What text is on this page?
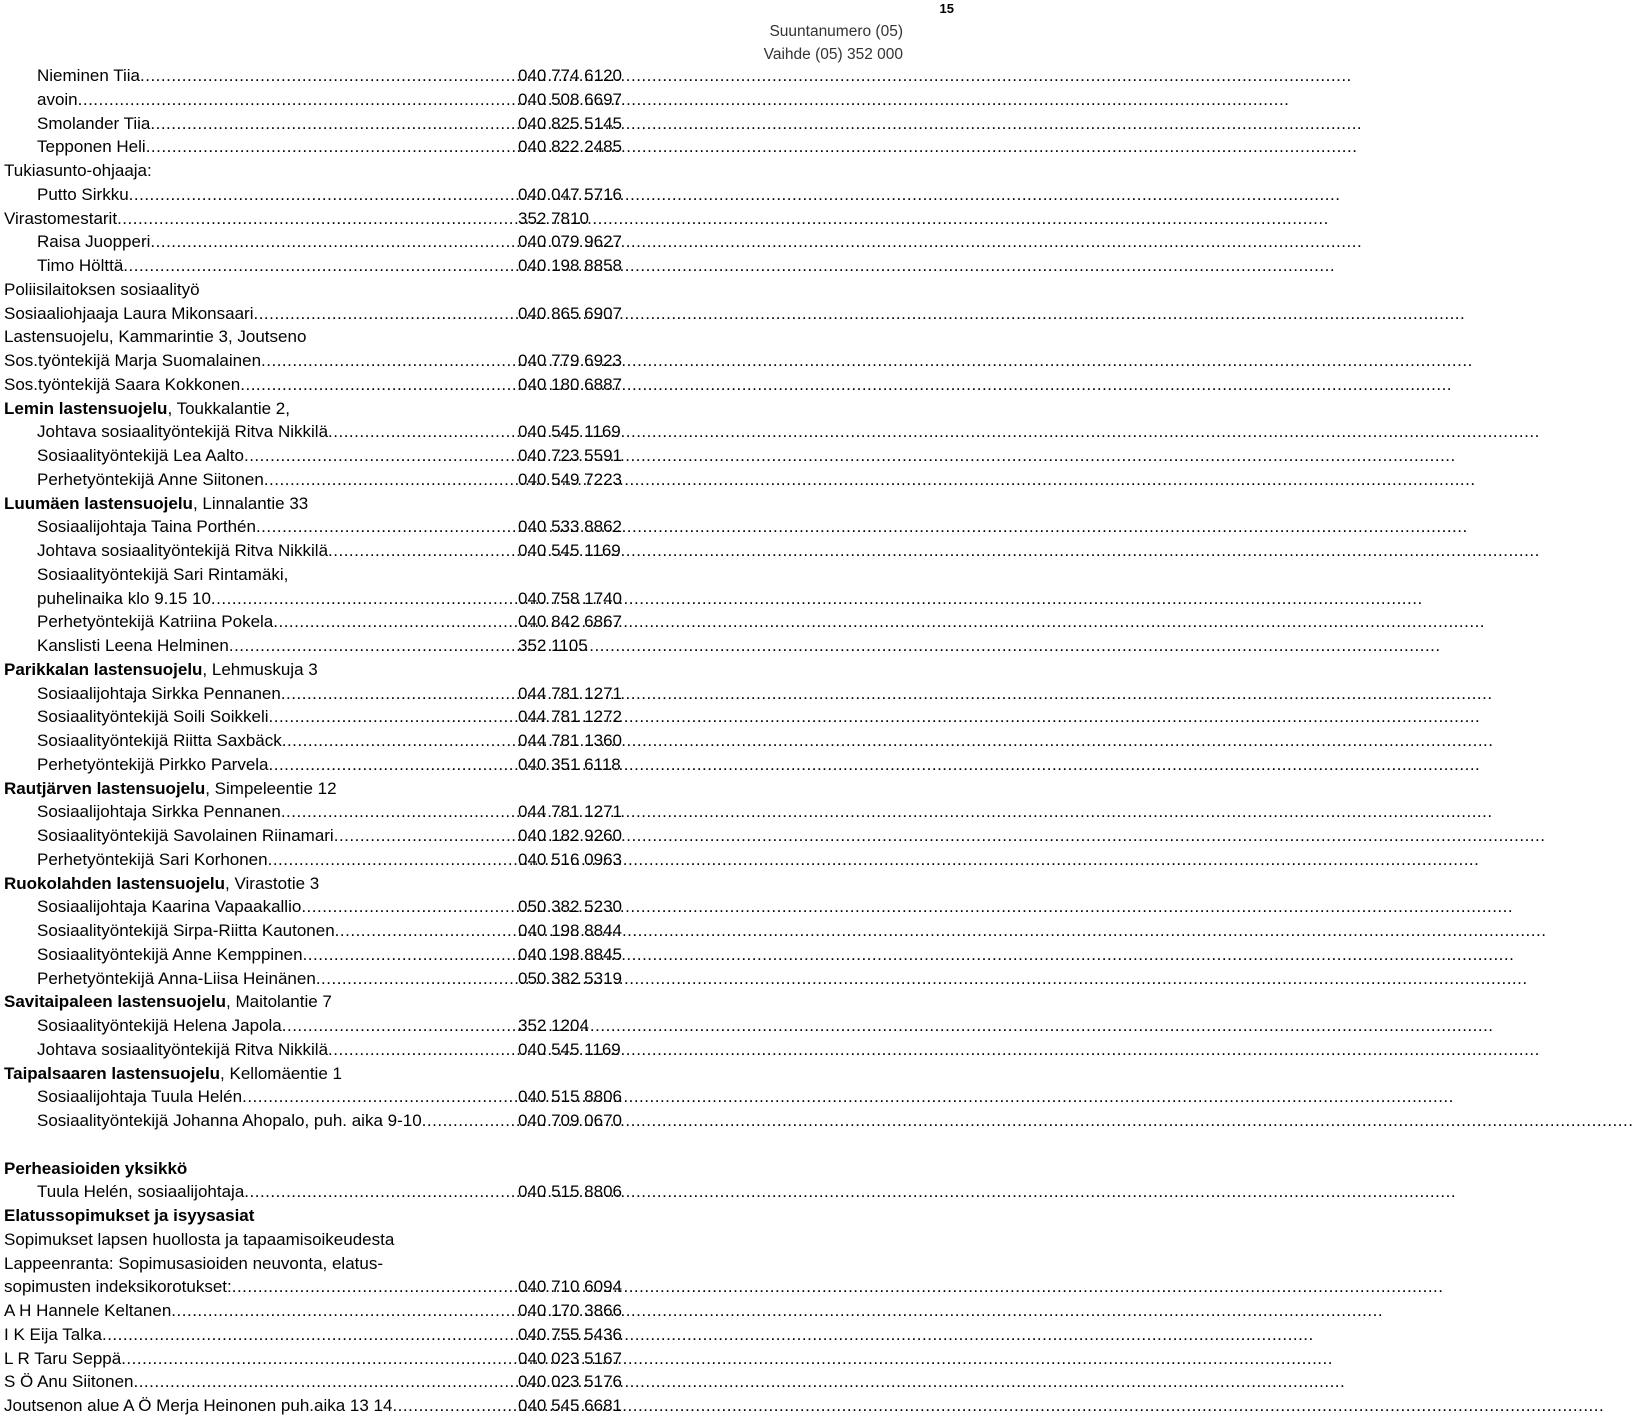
15
Suuntanumero (05)
Vaihde (05) 352 000
Nieminen Tiia .....	040 774 6120
avoin .....	040 508 6697
Smolander Tiia .....	040 825 5145
Tepponen Heli .....	040 822 2485
Tukiasunto-ohjaaja:
Putto Sirkku .....	040 047 5716
Virastomestarit .....	352 7810
Raisa Juopperi .....	040 079 9627
Timo Hölttä .....	040 198 8858
Poliisilaitoksen sosiaalityö
Sosiaaliohjaaja Laura Mikonsaari .....	040 865 6907
Lastensuojelu, Kammarintie 3, Joutseno
Sos.työntekijä Marja Suomalainen .....	040 779 6923
Sos.työntekijä Saara Kokkonen .....	040 180 6887
Lemin lastensuojelu, Toukkalantie 2,
Johtava sosiaalityöntekijä Ritva Nikkilä .....	040 545 1169
Sosiaalityöntekijä Lea Aalto .....	040 723 5591
Perhetyöntekijä Anne Siitonen .....	040 549 7223
Luumäen lastensuojelu, Linnalantie 33
Sosiaalijohtaja Taina Porthén .....	040 533 8862
Johtava sosiaalityöntekijä Ritva Nikkilä .....	040 545 1169
Sosiaalityöntekijä Sari Rintamäki,
puhelinaika klo 9.15 10 .....	040 758 1740
Perhetyöntekijä Katriina Pokela .....	040 842 6867
Kanslisti Leena Helminen .....	352 1105
Parikkalan lastensuojelu, Lehmuskuja 3
Sosiaalijohtaja Sirkka Pennanen .....	044 781 1271
Sosiaalityöntekijä Soili Soikkeli .....	044 781 1272
Sosiaalityöntekijä Riitta Saxbäck .....	044 781 1360
Perhetyöntekijä Pirkko Parvela .....	040 351 6118
Rautjärven lastensuojelu, Simpeleentie 12
Sosiaalijohtaja Sirkka Pennanen .....	044 781 1271
Sosiaalityöntekijä Savolainen Riinamari .....	040 182 9260
Perhetyöntekijä Sari Korhonen .....	040 516 0963
Ruokolahden lastensuojelu, Virastotie 3
Sosiaalijohtaja Kaarina Vapaakallio .....	050 382 5230
Sosiaalityöntekijä Sirpa-Riitta Kautonen .....	040 198 8844
Sosiaalityöntekijä Anne Kemppinen .....	040 198 8845
Perhetyöntekijä Anna-Liisa Heinänen .....	050 382 5319
Savitaipaleen lastensuojelu, Maitolantie 7
Sosiaalityöntekijä Helena Japola .....	352 1204
Johtava sosiaalityöntekijä Ritva Nikkilä .....	040 545 1169
Taipalsaaren lastensuojelu, Kellomäentie 1
Sosiaalijohtaja Tuula Helén .....	040 515 8806
Sosiaalityöntekijä Johanna Ahopalo, puh. aika 9-10 .....	040 709 0670
Perheasioiden yksikkö
Tuula Helén, sosiaalijohtaja .....	040 515 8806
Elatussopimukset ja isyysasiat
Sopimukset lapsen huollosta ja tapaamisoikeudesta
Lappeenranta: Sopimusasioiden neuvonta, elatus-
sopimusten indeksikorotukset: .....	040 710 6094
A H Hannele Keltanen .....	040 170 3866
I K Eija Talka .....	040 755 5436
L R Taru Seppä .....	040 023 5167
S Ö Anu Siitonen .....	040 023 5176
Joutsenon alue A Ö Merja Heinonen puh.aika 13 14 .....	040 545 6681
